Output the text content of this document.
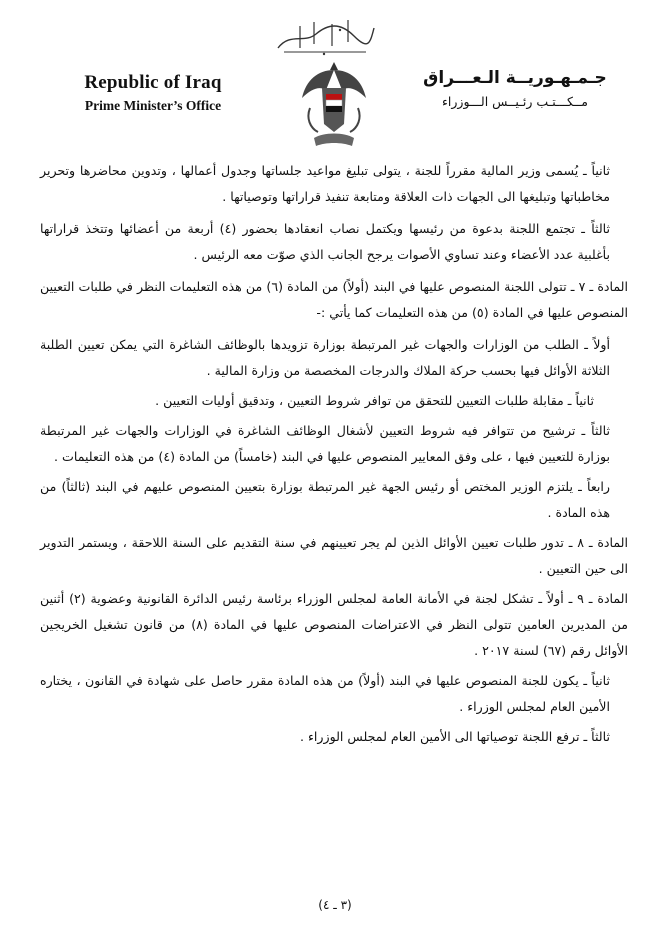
Republic of Iraq
Prime Minister’s Office
جـمـهـوريــة الـعـــراق
مــكـــتـب رئـيــس الـــوزراء

ثانياً ـ يُسمى وزير المالية مقرراً للجنة ، يتولى تبليغ مواعيد جلساتها وجدول أعمالها ، وتدوين محاضرها وتحرير مخاطباتها وتبليغها الى الجهات ذات العلاقة ومتابعة تنفيذ قراراتها وتوصياتها .

ثالثاً ـ تجتمع اللجنة بدعوة من رئيسها ويكتمل نصاب انعقادها بحضور (٤) أربعة من أعضائها وتتخذ قراراتها بأغلبية عدد الأعضاء وعند تساوي الأصوات يرجح الجانب الذي صوّت معه الرئيس .

المادة ـ ٧ ـ تتولى اللجنة المنصوص عليها في البند (أولاً) من المادة (٦) من هذه التعليمات النظر في طلبات التعيين المنصوص عليها في المادة (٥) من هذه التعليمات كما يأتي :-

أولاً ـ الطلب من الوزارات والجهات غير المرتبطة بوزارة تزويدها بالوظائف الشاغرة التي يمكن تعيين الطلبة الثلاثة الأوائل فيها بحسب حركة الملاك والدرجات المخصصة من وزارة المالية .

ثانياً ـ مقابلة طلبات التعيين للتحقق من توافر شروط التعيين ، وتدقيق أوليات التعيين .

ثالثاً ـ ترشيح من تتوافر فيه شروط التعيين لأشغال الوظائف الشاغرة في الوزارات والجهات غير المرتبطة بوزارة للتعيين فيها ، على وفق المعايير المنصوص عليها في البند (خامساً) من المادة (٤) من هذه التعليمات .

رابعاً ـ يلتزم الوزير المختص أو رئيس الجهة غير المرتبطة بوزارة بتعيين المنصوص عليهم في البند (ثالثاً) من هذه المادة .

المادة ـ ٨ ـ تدور طلبات تعيين الأوائل الذين لم يجر تعيينهم في سنة التقديم على السنة اللاحقة ، ويستمر التدوير الى حين التعيين .

المادة ـ ٩ ـ أولاً ـ تشكل لجنة في الأمانة العامة لمجلس الوزراء برئاسة رئيس الدائرة القانونية وعضوية (٢) أثنين من المديرين العامين تتولى النظر في الاعتراضات المنصوص عليها في المادة (٨) من قانون تشغيل الخريجين الأوائل رقم (٦٧) لسنة ٢٠١٧ .

ثانياً ـ يكون للجنة المنصوص عليها في البند (أولاً) من هذه المادة مقرر حاصل على شهادة في القانون ، يختاره الأمين العام لمجلس الوزراء .

ثالثاً ـ ترفع اللجنة توصياتها الى الأمين العام لمجلس الوزراء .

(٣ ـ ٤)
